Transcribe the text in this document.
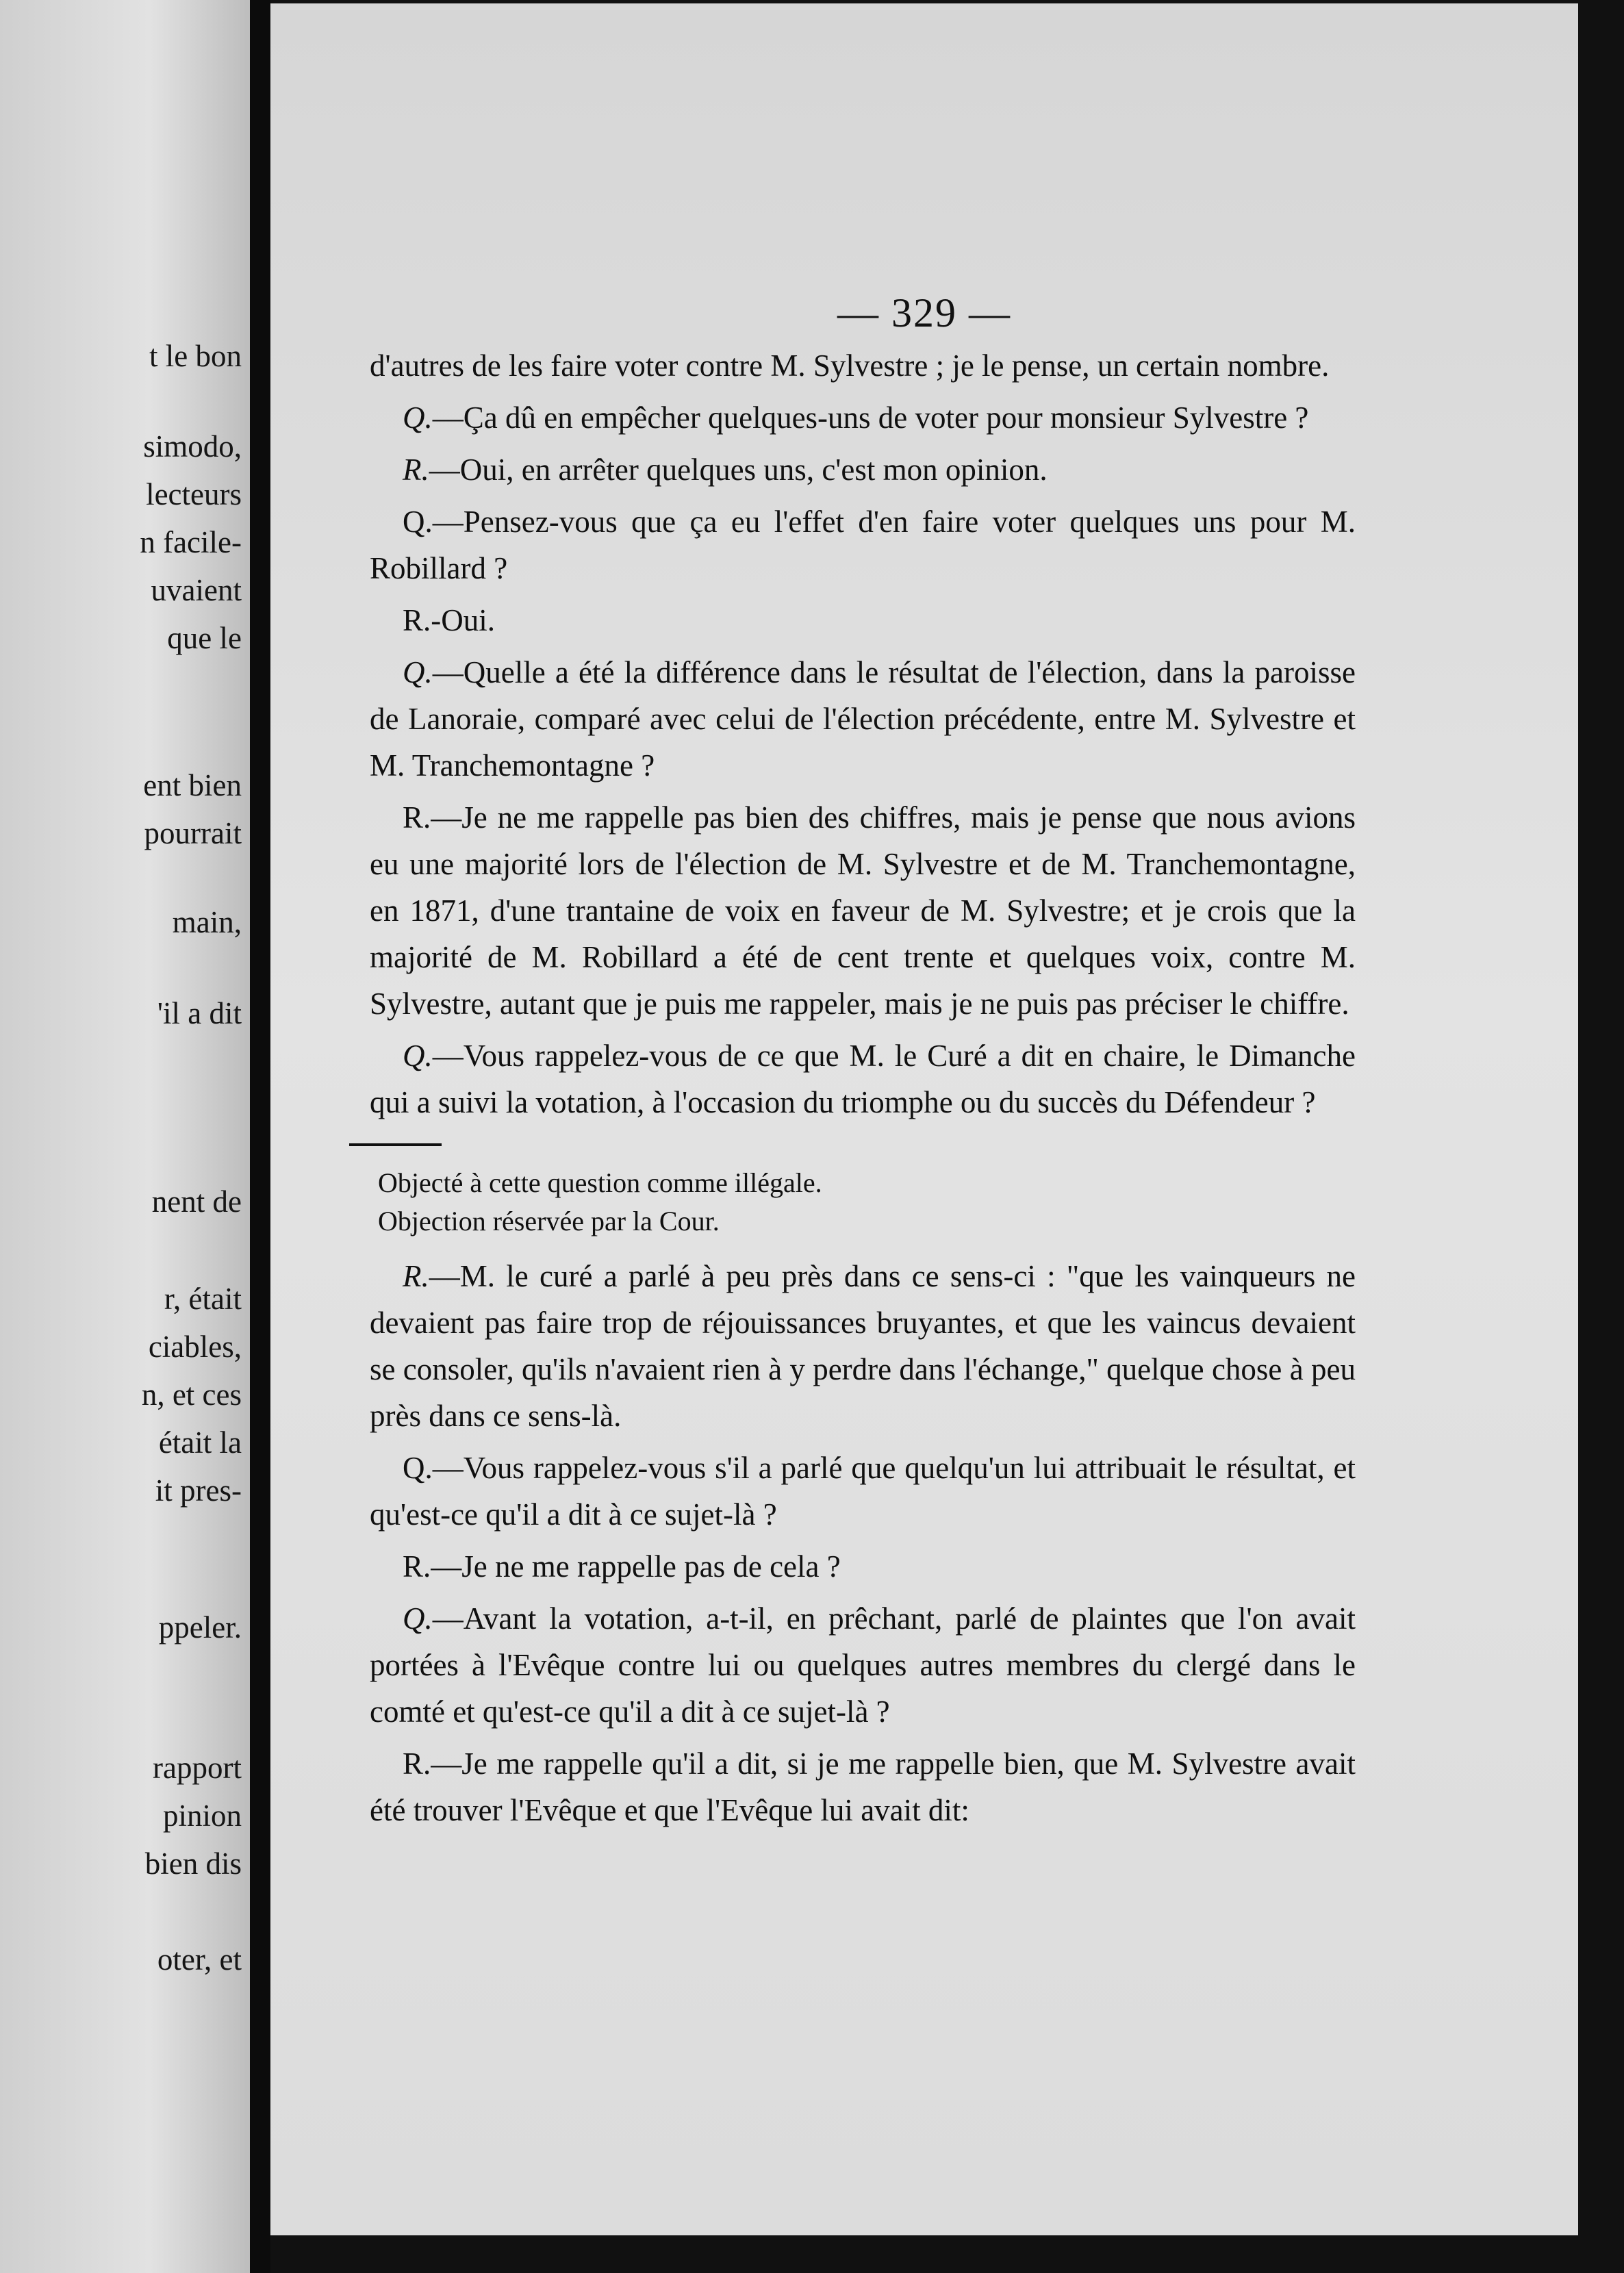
t le bon
simodo,
lecteurs
n facile-
uvaient
que le
ent bien
pourrait
main,
'il a dit
nent de
r, était
ciables,
n, et ces
était la
it pres-
ppeler.
rapport
pinion
bien dis
oter, et
— 329 —

d'autres de les faire voter contre M. Sylvestre ; je le pense, un certain nombre.

Q.—Ça dû en empêcher quelques-uns de voter pour monsieur Sylvestre ?

R.—Oui, en arrêter quelques uns, c'est mon opinion.

Q.—Pensez-vous que ça eu l'effet d'en faire voter quelques uns pour M. Robillard ?

R.-Oui.

Q.—Quelle a été la différence dans le résultat de l'élection, dans la paroisse de Lanoraie, comparé avec celui de l'élection précédente, entre M. Sylvestre et M. Tranchemontagne ?

R.—Je ne me rappelle pas bien des chiffres, mais je pense que nous avions eu une majorité lors de l'élection de M. Sylvestre et de M. Tranchemontagne, en 1871, d'une trantaine de voix en faveur de M. Sylvestre; et je crois que la majorité de M. Robillard a été de cent trente et quelques voix, contre M. Sylvestre, autant que je puis me rappeler, mais je ne puis pas préciser le chiffre.

Q.—Vous rappelez-vous de ce que M. le Curé a dit en chaire, le Dimanche qui a suivi la votation, à l'occasion du triomphe ou du succès du Défendeur ?

Objecté à cette question comme illégale.

Objection réservée par la Cour.

R.—M. le curé a parlé à peu près dans ce sens-ci : "que les vainqueurs ne devaient pas faire trop de réjouissances bruyantes, et que les vaincus devaient se consoler, qu'ils n'avaient rien à y perdre dans l'échange," quelque chose à peu près dans ce sens-là.

Q.—Vous rappelez-vous s'il a parlé que quelqu'un lui attribuait le résultat, et qu'est-ce qu'il a dit à ce sujet-là ?

R.—Je ne me rappelle pas de cela ?

Q.—Avant la votation, a-t-il, en prêchant, parlé de plaintes que l'on avait portées à l'Evêque contre lui ou quelques autres membres du clergé dans le comté et qu'est-ce qu'il a dit à ce sujet-là ?

R.—Je me rappelle qu'il a dit, si je me rappelle bien, que M. Sylvestre avait été trouver l'Evêque et que l'Evêque lui avait dit:
